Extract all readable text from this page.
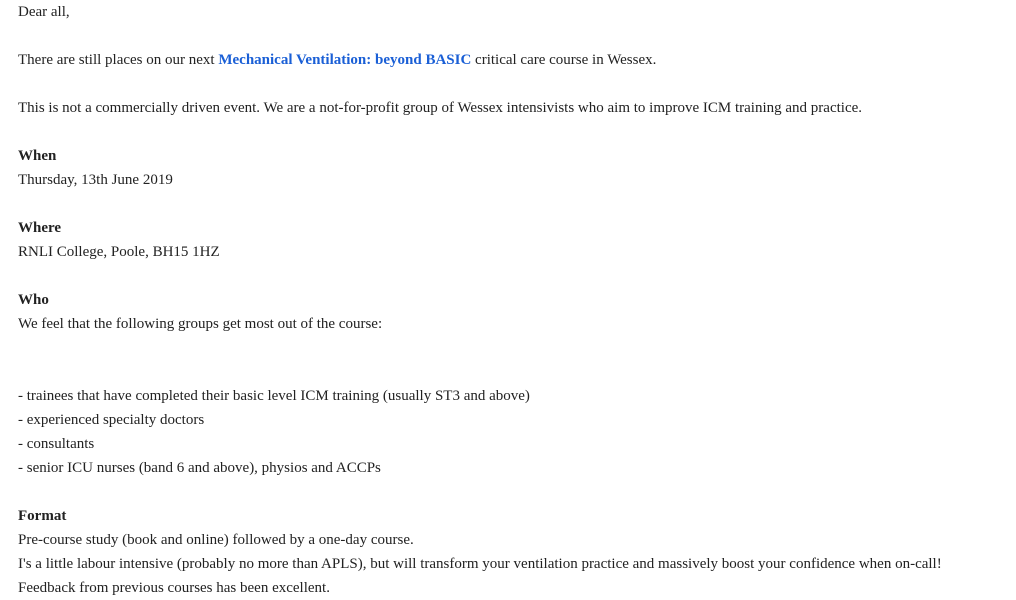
Dear all,
There are still places on our next Mechanical Ventilation: beyond BASIC critical care course in Wessex.
This is not a commercially driven event. We are a not-for-profit group of Wessex intensivists who aim to improve ICM training and practice.
When
Thursday, 13th June 2019
Where
RNLI College, Poole, BH15 1HZ
Who
We feel that the following groups get most out of the course:
- trainees that have completed their basic level ICM training (usually ST3 and above)
- experienced specialty doctors
- consultants
- senior ICU nurses (band 6 and above), physios and ACCPs
Format
Pre-course study (book and online) followed by a one-day course.
I's a little labour intensive (probably no more than APLS), but will transform your ventilation practice and massively boost your confidence when on-call!
Feedback from previous courses has been excellent.
